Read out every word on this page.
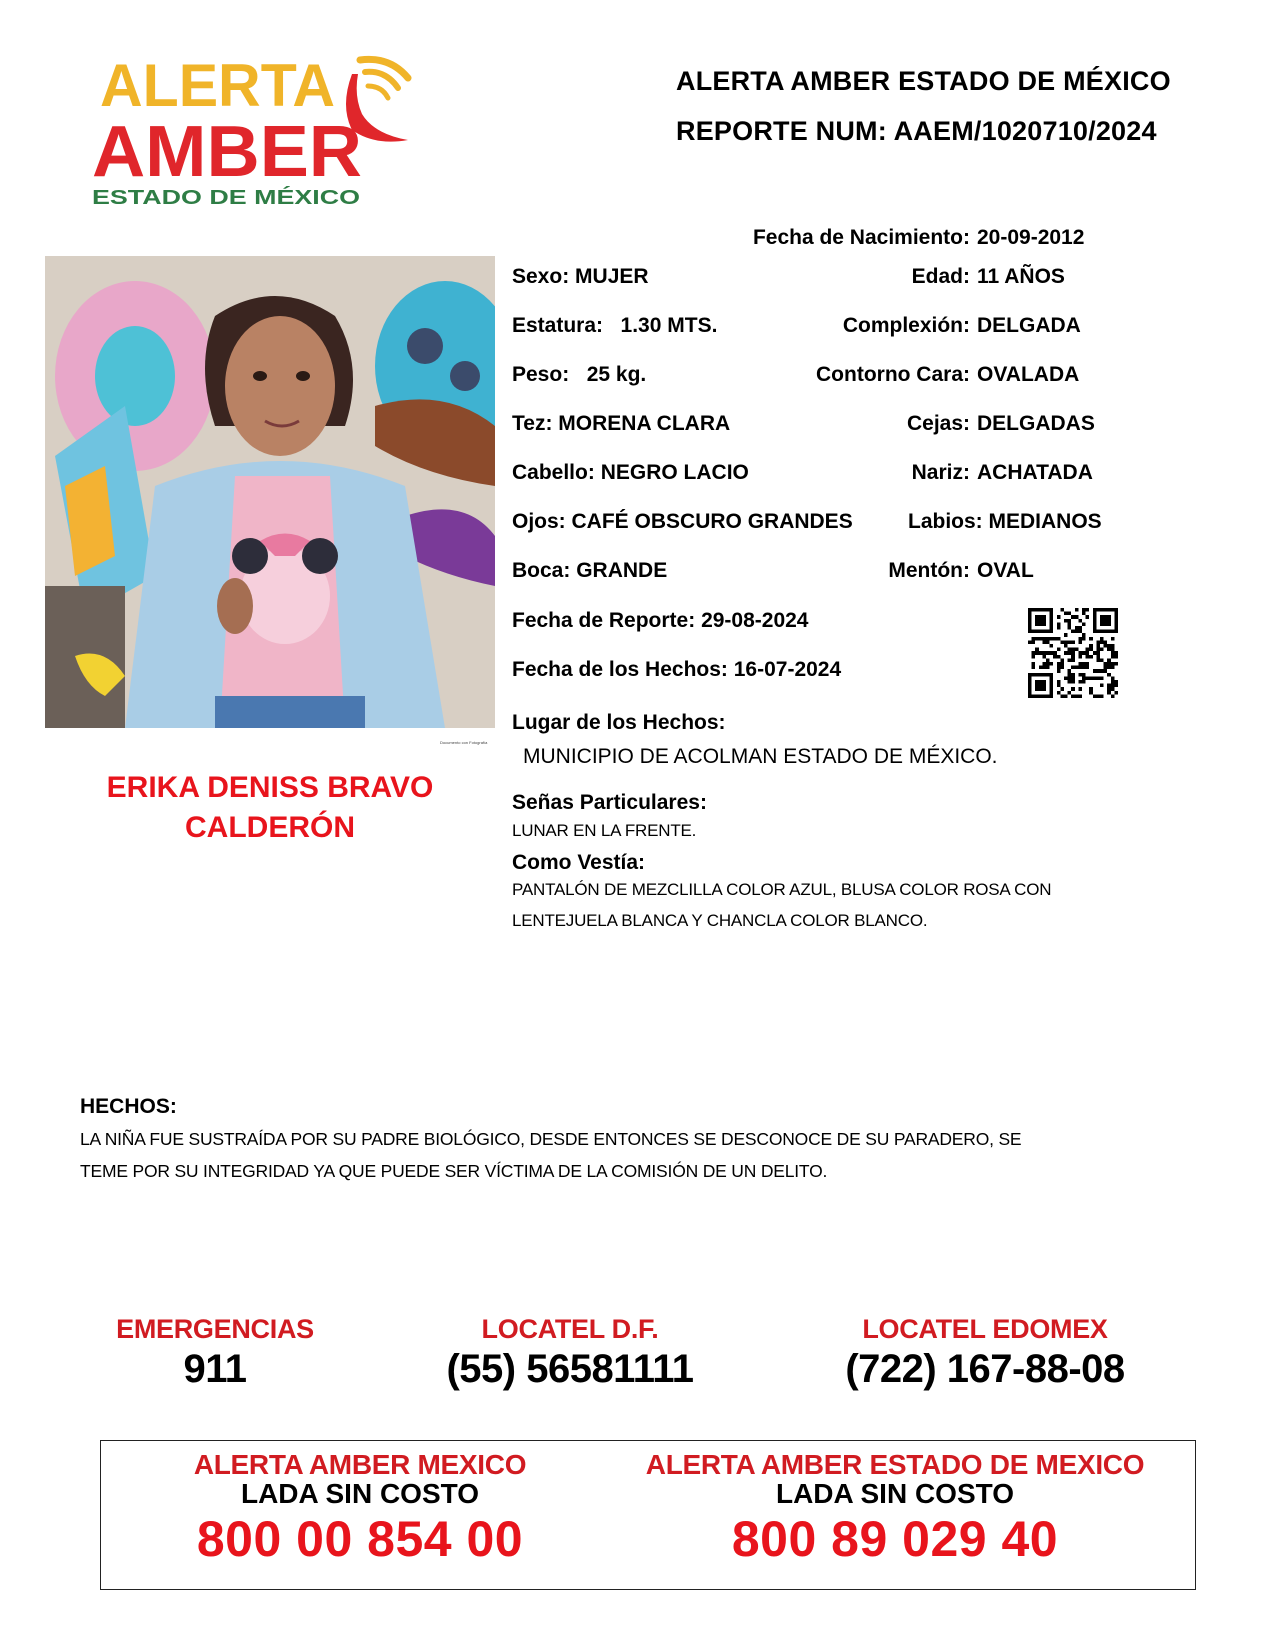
ALERTA
AMBER
ESTADO DE MÉXICO
ALERTA AMBER ESTADO DE MÉXICO
REPORTE NUM: AAEM/1020710/2024
Documento con Fotografía
ERIKA DENISS BRAVO
CALDERÓN
Fecha de Nacimiento: 20-09-2012
Sexo: MUJER	Edad: 11 AÑOS
Estatura: 1.30 MTS.	Complexión: DELGADA
Peso: 25 kg.	Contorno Cara: OVALADA
Tez: MORENA CLARA	Cejas: DELGADAS
Cabello: NEGRO LACIO	Nariz: ACHATADA
Ojos: CAFÉ OBSCURO GRANDES	Labios: MEDIANOS
Boca: GRANDE	Mentón: OVAL
Fecha de Reporte: 29-08-2024
Fecha de los Hechos: 16-07-2024
Lugar de los Hechos:
MUNICIPIO DE ACOLMAN ESTADO DE MÉXICO.
Señas Particulares:
LUNAR EN LA FRENTE.
Como Vestía:
PANTALÓN DE MEZCLILLA COLOR AZUL, BLUSA COLOR ROSA CON
LENTEJUELA BLANCA Y CHANCLA COLOR BLANCO.
HECHOS:
LA NIÑA FUE SUSTRAÍDA POR SU PADRE BIOLÓGICO, DESDE ENTONCES SE DESCONOCE DE SU PARADERO, SE
TEME POR SU INTEGRIDAD YA QUE PUEDE SER VÍCTIMA DE LA COMISIÓN DE UN DELITO.
EMERGENCIAS
911
LOCATEL D.F.
(55) 56581111
LOCATEL EDOMEX
(722) 167-88-08
ALERTA AMBER MEXICO
LADA SIN COSTO
800 00 854 00
ALERTA AMBER ESTADO DE MEXICO
LADA SIN COSTO
800 89 029 40
